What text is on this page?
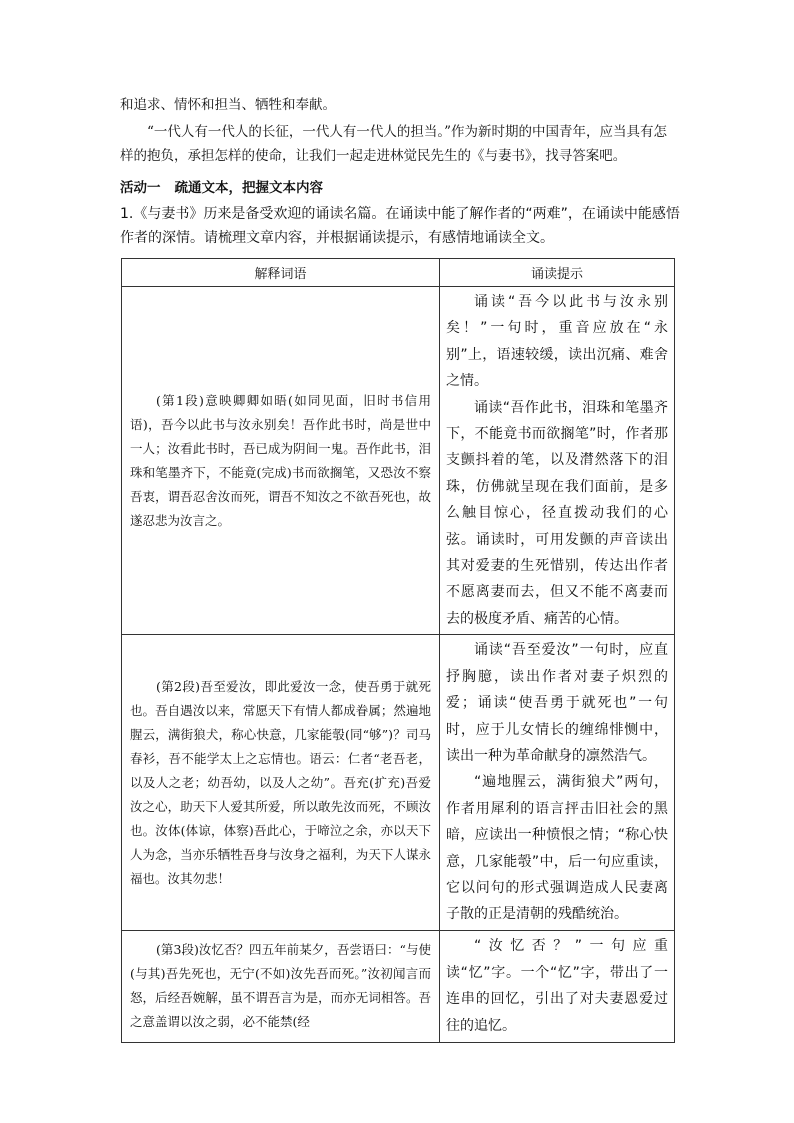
和追求、情怀和担当、牺牲和奉献。

“一代人有一代人的长征，一代人有一代人的担当。”作为新时期的中国青年，应当具有怎样的抱负，承担怎样的使命，让我们一起走进林觉民先生的《与妻书》，找寻答案吧。

活动一 疏通文本，把握文本内容

1.《与妻书》历来是备受欢迎的诵读名篇。在诵读中能了解作者的“两难”，在诵读中能感悟作者的深情。请梳理文章内容，并根据诵读提示，有感情地诵读全文。

解释词语	诵读提示

(第1段)意映卿卿如晤(如同见面，旧时书信用语)，吾今以此书与汝永别矣！吾作此书时，尚是世中一人；汝看此书时，吾已成为阴间一鬼。吾作此书，泪珠和笔墨齐下，不能竟(完成)书而欲搁笔，又恐汝不察吾衷，谓吾忍舍汝而死，谓吾不知汝之不欲吾死也，故遂忍悲为汝言之。	诵读“吾今以此书与汝永别矣！”一句时，重音应放在“永别”上，语速较缓，读出沉痛、难舍之情。

诵读“吾作此书，泪珠和笔墨齐下，不能竟书而欲搁笔”时，作者那支颤抖着的笔，以及潸然落下的泪珠，仿佛就呈现在我们面前，是多么触目惊心，径直拨动我们的心弦。诵读时，可用发颤的声音读出其对爱妻的生死惜别，传达出作者不愿离妻而去，但又不能不离妻而去的极度矛盾、痛苦的心情。

(第2段)吾至爱汝，即此爱汝一念，使吾勇于就死也。吾自遇汝以来，常愿天下有情人都成眷属；然遍地腥云，满街狼犬，称心快意，几家能彀(同“够”)？司马春衫，吾不能学太上之忘情也。语云：仁者“老吾老，以及人之老；幼吾幼，以及人之幼”。吾充(扩充)吾爱汝之心，助天下人爱其所爱，所以敢先汝而死，不顾汝也。汝体(体谅，体察)吾此心，于啼泣之余，亦以天下人为念，当亦乐牺牲吾身与汝身之福利，为天下人谋永福也。汝其勿悲！	诵读“吾至爱汝”一句时，应直抒胸臆，读出作者对妻子炽烈的爱；诵读“使吾勇于就死也”一句时，应于儿女情长的缠绵悱恻中，读出一种为革命献身的凛然浩气。

“遍地腥云，满街狼犬”两句，作者用犀利的语言抨击旧社会的黑暗，应读出一种愤恨之情；“称心快意，几家能彀”中，后一句应重读，它以问句的形式强调造成人民妻离子散的正是清朝的残酷统治。

(第3段)汝忆否？四五年前某夕，吾尝语曰：“与使(与其)吾先死也，无宁(不如)汝先吾而死。”汝初闻言而怒，后经吾婉解，虽不谓吾言为是，而亦无词相答。吾之意盖谓以汝之弱，必不能禁(经	“汝忆否？”一句应重读“忆”字。一个“忆”字，带出了一连串的回忆，引出了对夫妻恩爱过往的追忆。
